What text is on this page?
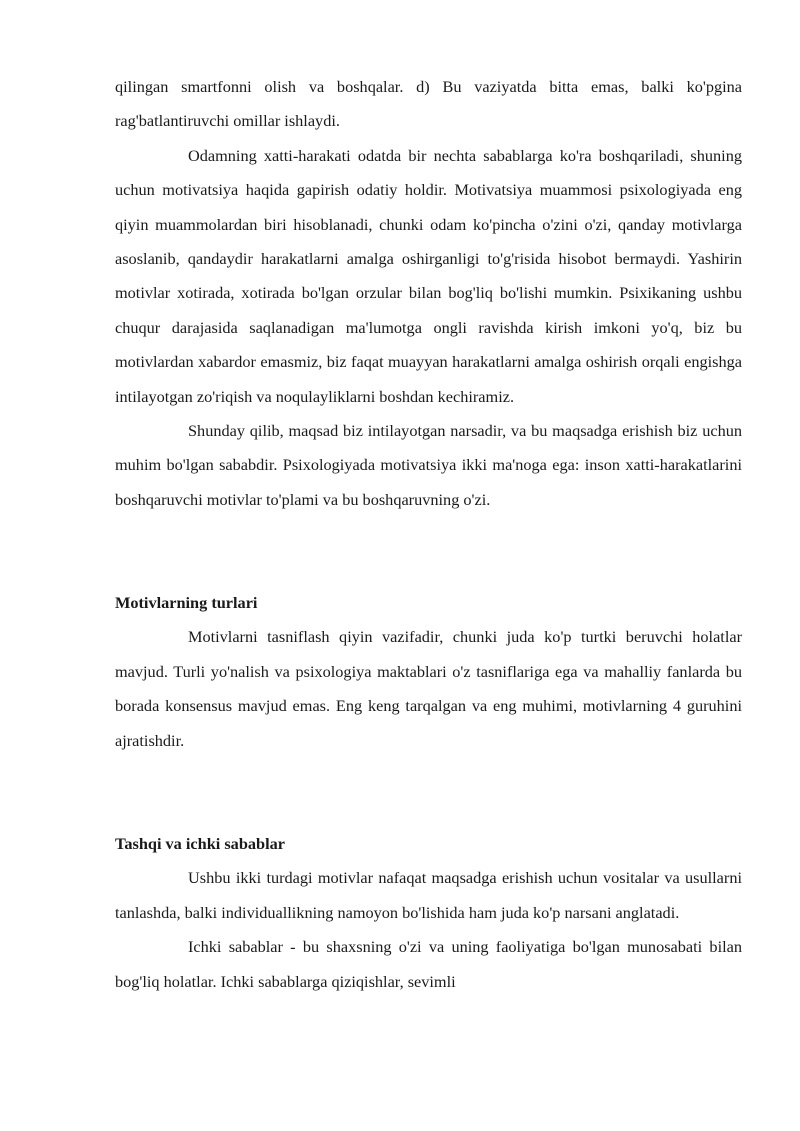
qilingan smartfonni olish va boshqalar. d) Bu vaziyatda bitta emas, balki ko'pgina rag'batlantiruvchi omillar ishlaydi.

Odamning xatti-harakati odatda bir nechta sabablarga ko'ra boshqariladi, shuning uchun motivatsiya haqida gapirish odatiy holdir. Motivatsiya muammosi psixologiyada eng qiyin muammolardan biri hisoblanadi, chunki odam ko'pincha o'zini o'zi, qanday motivlarga asoslanib, qandaydir harakatlarni amalga oshirganligi to'g'risida hisobot bermaydi. Yashirin motivlar xotirada, xotirada bo'lgan orzular bilan bog'liq bo'lishi mumkin. Psixikaning ushbu chuqur darajasida saqlanadigan ma'lumotga ongli ravishda kirish imkoni yo'q, biz bu motivlardan xabardor emasmiz, biz faqat muayyan harakatlarni amalga oshirish orqali engishga intilayotgan zo'riqish va noqulayliklarni boshdan kechiramiz.

Shunday qilib, maqsad biz intilayotgan narsadir, va bu maqsadga erishish biz uchun muhim bo'lgan sababdir. Psixologiyada motivatsiya ikki ma'noga ega: inson xatti-harakatlarini boshqaruvchi motivlar to'plami va bu boshqaruvning o'zi.

Motivlarning turlari

Motivlarni tasniflash qiyin vazifadir, chunki juda ko'p turtki beruvchi holatlar mavjud. Turli yo'nalish va psixologiya maktablari o'z tasniflariga ega va mahalliy fanlarda bu borada konsensus mavjud emas. Eng keng tarqalgan va eng muhimi, motivlarning 4 guruhini ajratishdir.

Tashqi va ichki sabablar

Ushbu ikki turdagi motivlar nafaqat maqsadga erishish uchun vositalar va usullarni tanlashda, balki individuallikning namoyon bo'lishida ham juda ko'p narsani anglatadi.

Ichki sabablar - bu shaxsning o'zi va uning faoliyatiga bo'lgan munosabati bilan bog'liq holatlar. Ichki sabablarga qiziqishlar, sevimli
